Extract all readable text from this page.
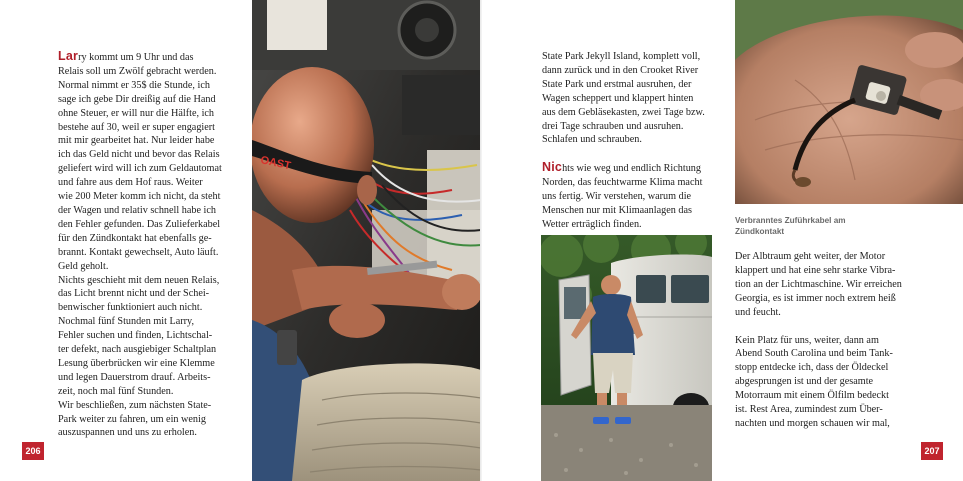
Larry kommt um 9 Uhr und das
Relais soll um Zwölf gebracht werden.
Normal nimmt er 35$ die Stunde, ich
sage ich gebe Dir dreißig auf die Hand
ohne Steuer, er will nur die Hälfte, ich
bestehe auf 30, weil er super engagiert
mit mir gearbeitet hat. Nur leider habe
ich das Geld nicht und bevor das Relais
geliefert wird will ich zum Geldautomat
und fahre aus dem Hof raus. Weiter
wie 200 Meter komm ich nicht, da steht
der Wagen und relativ schnell habe ich
den Fehler gefunden. Das Zulieferkabel
für den Zündkontakt hat ebenfalls ge-
brannt. Kontakt gewechselt, Auto läuft.
Geld geholt.
Nichts geschieht mit dem neuen Relais,
das Licht brennt nicht und der Schei-
benwischer funktioniert auch nicht.
Nochmal fünf Stunden mit Larry,
Fehler suchen und finden, Lichtschal-
ter defekt, nach ausgiebiger Schaltplan
Lesung überbrücken wir eine Klemme
und legen Dauerstrom drauf. Arbeits-
zeit, noch mal fünf Stunden.
Wir beschließen, zum nächsten State-
Park weiter zu fahren, um ein wenig
auszuspannen und uns zu erholen.

206
OAST

State Park Jekyll Island, komplett voll,
dann zurück und in den Crooket River
State Park und erstmal ausruhen, der
Wagen scheppert und klappert hinten
aus dem Gebläsekasten, zwei Tage bzw.
drei Tage schrauben und ausruhen.
Schlafen und schrauben.

Nichts wie weg und endlich Richtung
Norden, das feuchtwarme Klima macht
uns fertig. Wir verstehen, warum die
Menschen nur mit Klimaanlagen das
Wetter erträglich finden.	Verbranntes Zuführkabel am
Zündkontakt

Der Albtraum geht weiter, der Motor
klappert und hat eine sehr starke Vibra-
tion an der Lichtmaschine. Wir erreichen
Georgia, es ist immer noch extrem heiß
und feucht.

Kein Platz für uns, weiter, dann am
Abend South Carolina und beim Tank-
stopp entdecke ich, dass der Öldeckel
abgesprungen ist und der gesamte
Motorraum mit einem Ölfilm bedeckt
ist. Rest Area, zumindest zum Über-
nachten und morgen schauen wir mal,

207
